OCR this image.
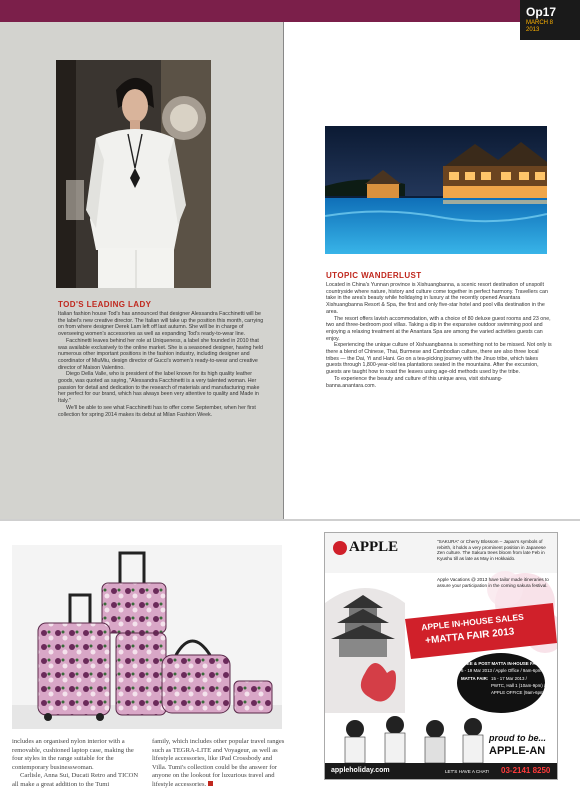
Op17
MARCH 8
2013
TOD'S LEADING LADY

Italian fashion house Tod's has announced that designer Alessandra Facchinetti will be the label's new creative director. The Italian will take up the position this month, carrying on from where designer Derek Lam left off last autumn. She will be in charge of overseeing women's accessories as well as expanding Tod's ready-to-wear line.

Facchinetti leaves behind her role at Uniqueness, a label she founded in 2010 that was available exclusively to the online market. She is a seasoned designer, having held numerous other important positions in the fashion industry, including designer and coordinator of MiuMiu, design director of Gucci's women's ready-to-wear and creative director of Maison Valentino.

Diego Della Valle, who is president of the label known for its high quality leather goods, was quoted as saying, "Alessandra Facchinetti is a very talented woman. Her passion for detail and dedication to the research of materials and manufacturing make her perfect for our brand, which has always been very attentive to quality and Made in Italy."

We'll be able to see what Facchinetti has to offer come September, when her first collection for spring 2014 makes its debut at Milan Fashion Week.

UTOPIC WANDERLUST

Located in China's Yunnan province is Xishuangbanna, a scenic resort destination of unspoilt countryside where nature, history and culture come together in perfect harmony. Travellers can take in the area's beauty while holidaying in luxury at the recently opened Anantara Xishuangbanna Resort & Spa, the first and only five-star hotel and pool villa destination in the area.

The resort offers lavish accommodation, with a choice of 80 deluxe guest rooms and 23 one, two and three-bedroom pool villas. Taking a dip in the expansive outdoor swimming pool and enjoying a relaxing treatment at the Anantara Spa are among the varied activities guests can enjoy.

Experiencing the unique culture of Xishuangbanna is something not to be missed. Not only is there a blend of Chinese, Thai, Burmese and Cambodian culture, there are also three local tribes — the Dai, Yi and Hani. Go on a tea-picking journey with the Jinuo tribe, which takes guests through 1,800-year-old tea plantations seated in the mountains. After the excursion, guests are taught how to roast the leaves using age-old methods used by the tribe.

To experience the beauty and culture of this unique area, visit xishuang-banna.anantara.com.

includes an organised nylon interior with a removable, cushioned laptop case, making the four styles in the range suitable for the contemporary businesswoman.

Carlisle, Anna Sui, Ducati Retro and TICON all make a great addition to the Tumi

family, which includes other popular travel ranges such as TEGRA-LITE and Voyageur, as well as lifestyle accessories, like iPad Crossbody and Villa. Tumi's collection could be the answer for anyone on the lookout for luxurious travel and lifestyle accessories.

APPLE	"SAKURA" or Cherry Blossom – Japan's symbols of rebirth, it holds a very prominent position in Japanese Zen culture. The Sakura trees bloom from late Feb in Kyushu till as late as May in Hokkaido.
Apple Vacations @ 2013 have tailor made itineraries to assure your participation in the coming sakura festival.
APPLE IN-HOUSE SALES
+MATTA FAIR 2013
FREE & POST MATTA IN-HOUSE FAIR:
6 - 19 Mar 2013 / Apple Office / 9am-6pm
MATTA FAIR: 15 - 17 Mar 2013 /
PWTC, Hall 1 (10am-9pm) /
APPLE OFFICE (9am-6pm)
proud to be...
APPLE-AN
appleholiday.com	LET'S HAVE A CHAT! 03-2141 8250
